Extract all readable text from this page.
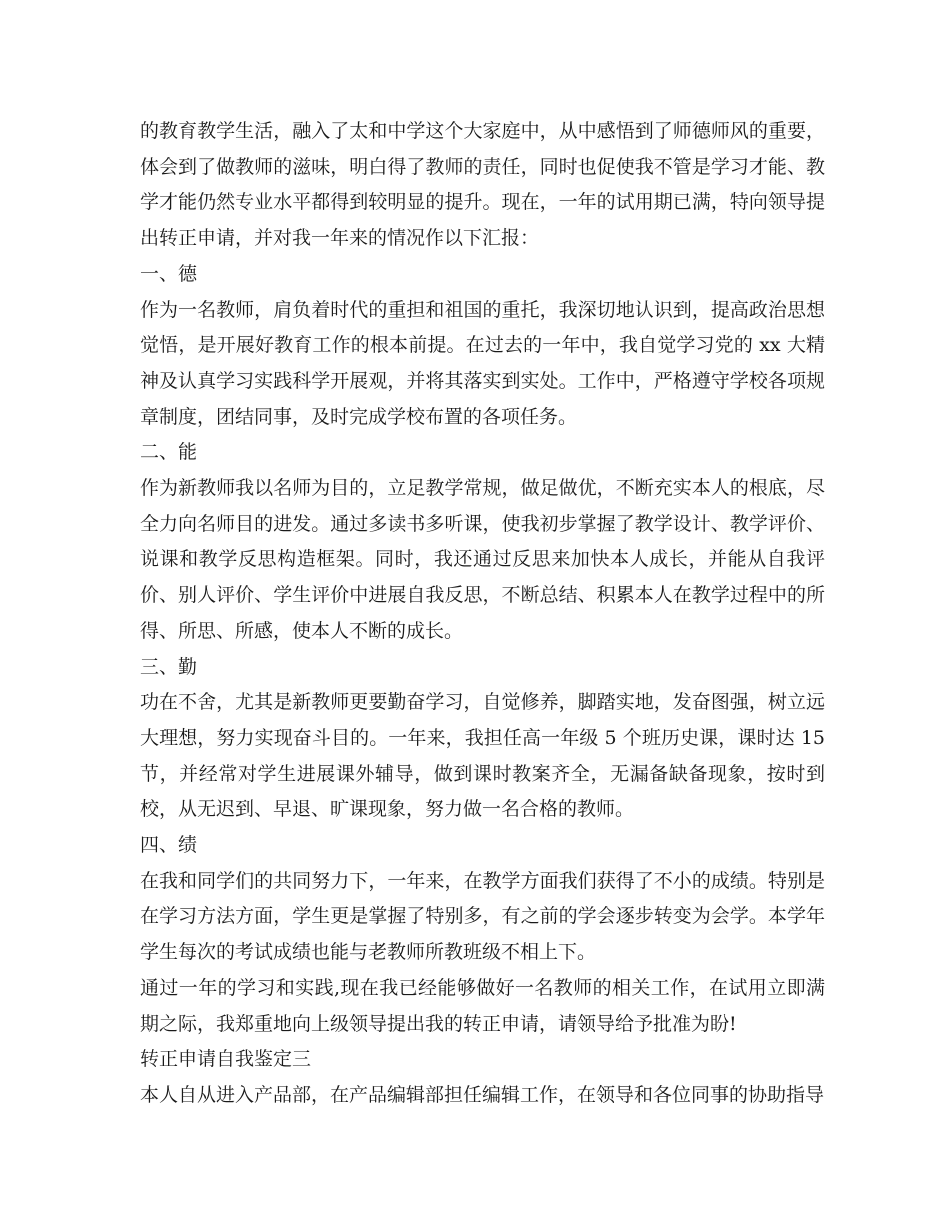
的教育教学生活，融入了太和中学这个大家庭中，从中感悟到了师德师风的重要，体会到了做教师的滋味，明白得了教师的责任，同时也促使我不管是学习才能、教学才能仍然专业水平都得到较明显的提升。现在，一年的试用期已满，特向领导提出转正申请，并对我一年来的情况作以下汇报：

一、德

作为一名教师，肩负着时代的重担和祖国的重托，我深切地认识到，提高政治思想觉悟，是开展好教育工作的根本前提。在过去的一年中，我自觉学习党的 xx 大精神及认真学习实践科学开展观，并将其落实到实处。工作中，严格遵守学校各项规章制度，团结同事，及时完成学校布置的各项任务。

二、能

作为新教师我以名师为目的，立足教学常规，做足做优，不断充实本人的根底，尽全力向名师目的进发。通过多读书多听课，使我初步掌握了教学设计、教学评价、说课和教学反思构造框架。同时，我还通过反思来加快本人成长，并能从自我评价、别人评价、学生评价中进展自我反思，不断总结、积累本人在教学过程中的所得、所思、所感，使本人不断的成长。

三、勤

功在不舍，尤其是新教师更要勤奋学习，自觉修养，脚踏实地，发奋图强，树立远大理想，努力实现奋斗目的。一年来，我担任高一年级 5 个班历史课，课时达 15 节，并经常对学生进展课外辅导，做到课时教案齐全，无漏备缺备现象，按时到校，从无迟到、早退、旷课现象，努力做一名合格的教师。

四、绩

在我和同学们的共同努力下，一年来，在教学方面我们获得了不小的成绩。特别是在学习方法方面，学生更是掌握了特别多，有之前的学会逐步转变为会学。本学年学生每次的考试成绩也能与老教师所教班级不相上下。

通过一年的学习和实践,现在我已经能够做好一名教师的相关工作，在试用立即满期之际，我郑重地向上级领导提出我的转正申请，请领导给予批准为盼!

转正申请自我鉴定三

本人自从进入产品部，在产品编辑部担任编辑工作，在领导和各位同事的协助指导
